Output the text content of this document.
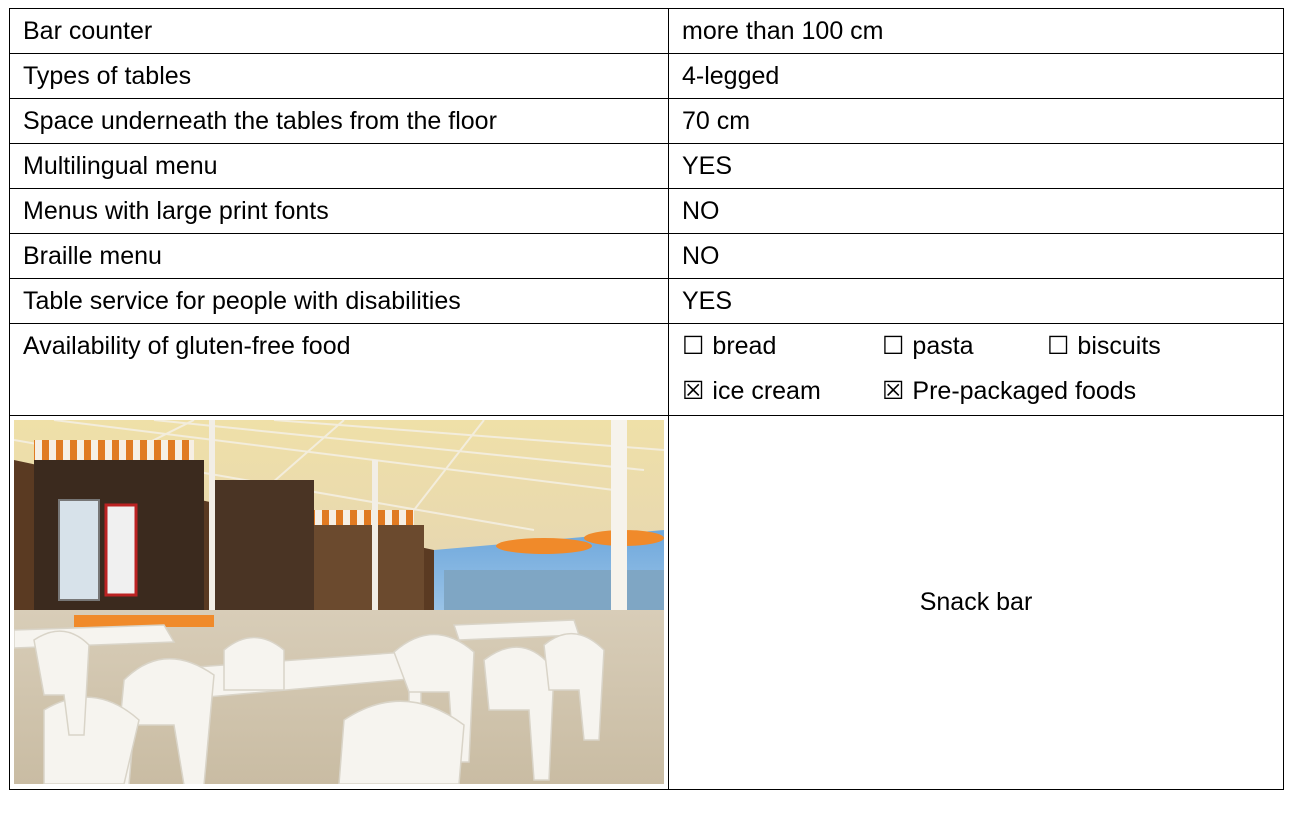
Bar counter	more than 100 cm
Types of tables	4-legged
Space underneath the tables from the floor	70 cm
Multilingual menu	YES
Menus with large print fonts	NO
Braille menu	NO
Table service for people with disabilities	YES

Availability of gluten-free food	☐ bread ☐ pasta ☐ biscuits
☒ ice cream ☒ Pre-packaged foods

	Snack bar
